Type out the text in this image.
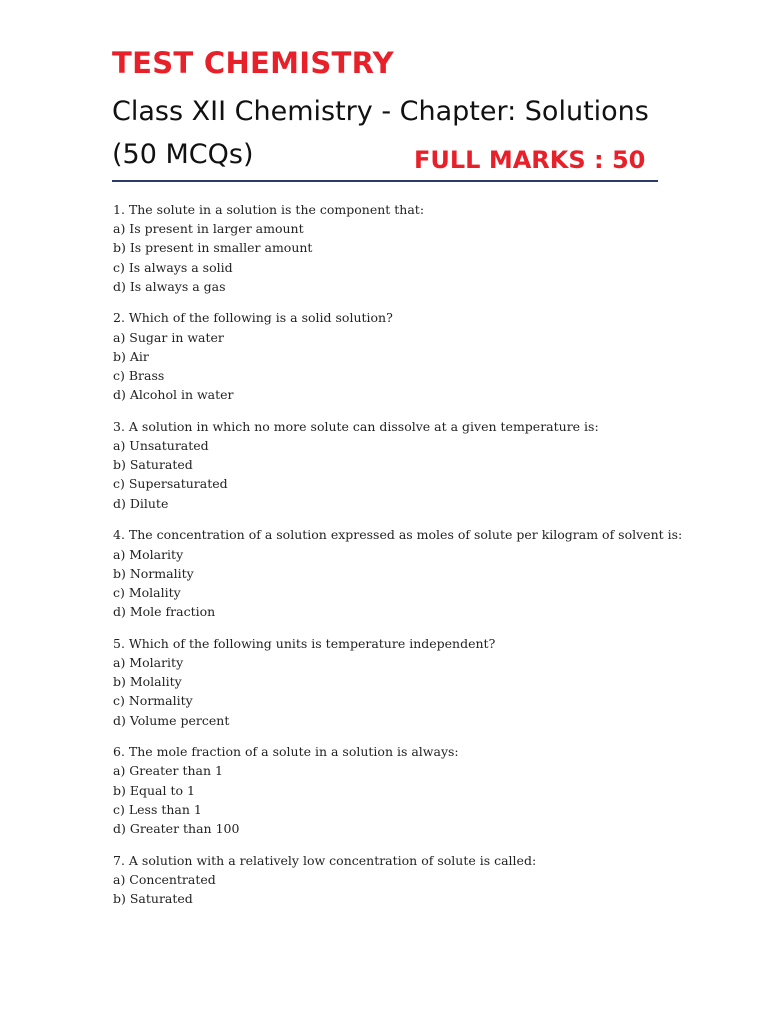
TEST CHEMISTRY
Class XII Chemistry - Chapter: Solutions
(50 MCQs)	FULL MARKS : 50
1. The solute in a solution is the component that:
a) Is present in larger amount
b) Is present in smaller amount
c) Is always a solid
d) Is always a gas
2. Which of the following is a solid solution?
a) Sugar in water
b) Air
c) Brass
d) Alcohol in water
3. A solution in which no more solute can dissolve at a given temperature is:
a) Unsaturated
b) Saturated
c) Supersaturated
d) Dilute
4. The concentration of a solution expressed as moles of solute per kilogram of solvent is:
a) Molarity
b) Normality
c) Molality
d) Mole fraction
5. Which of the following units is temperature independent?
a) Molarity
b) Molality
c) Normality
d) Volume percent
6. The mole fraction of a solute in a solution is always:
a) Greater than 1
b) Equal to 1
c) Less than 1
d) Greater than 100
7. A solution with a relatively low concentration of solute is called:
a) Concentrated
b) Saturated
